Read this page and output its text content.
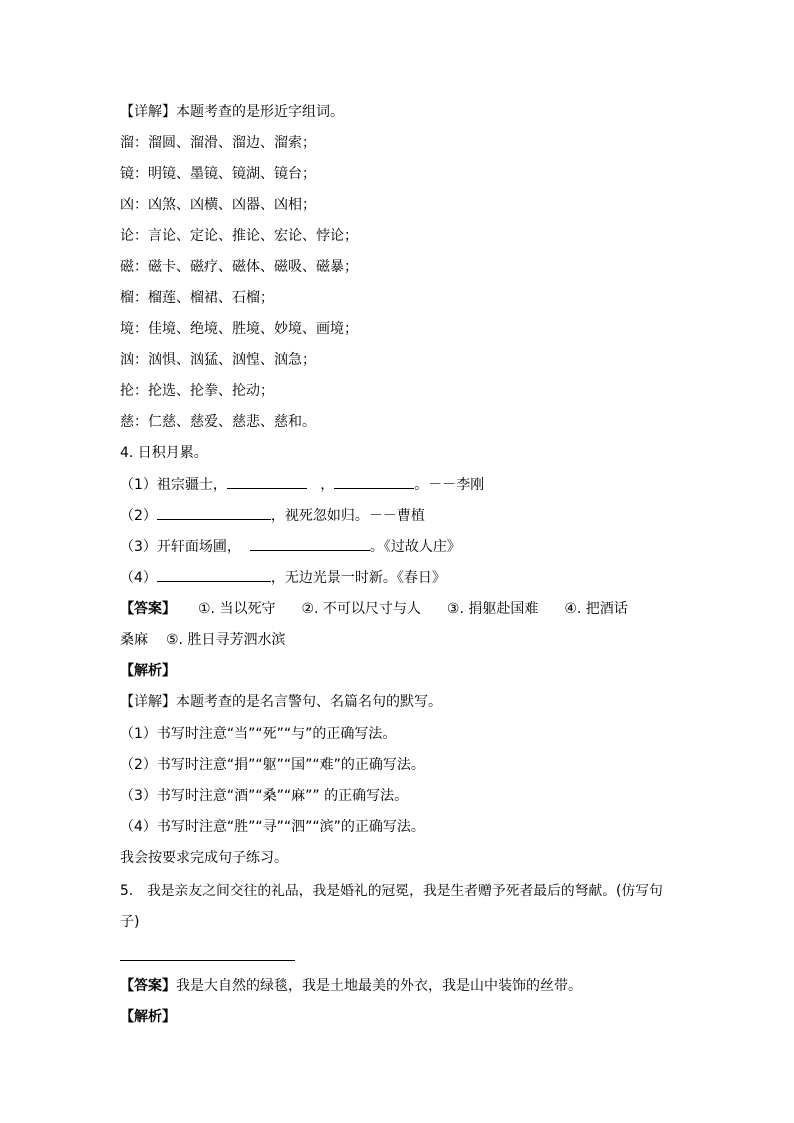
【详解】本题考查的是形近字组词。
溜：溜圆、溜滑、溜边、溜索；
镜：明镜、墨镜、镜湖、镜台；
凶：凶煞、凶横、凶器、凶相；
论：言论、定论、推论、宏论、悖论；
磁：磁卡、磁疗、磁体、磁吸、磁暴；
榴：榴莲、榴裙、石榴；
境：佳境、绝境、胜境、妙境、画境；
汹：汹惧、汹猛、汹惶、汹急；
抡：抡选、抡拳、抡动；
慈：仁慈、慈爱、慈悲、慈和。
4. 日积月累。
（1）祖宗疆士，	，	。－－李刚
（2）	，视死忽如归。－－曹植
（3）开轩面场圃，	。《过故人庄》
（4）	，无边光景一时新。《春日》
【答案】 ①. 当以死守 ②. 不可以尺寸与人 ③. 捐躯赴国难 ④. 把酒话
桑麻 ⑤. 胜日寻芳泗水滨
【解析】
【详解】本题考查的是名言警句、名篇名句的默写。
（1）书写时注意“当”“死”“与”的正确写法。
（2）书写时注意“捐”“躯”“国”“难”的正确写法。
（3）书写时注意“酒”“桑”“麻”” 的正确写法。
（4）书写时注意“胜”“寻”“泗”“滨”的正确写法。
我会按要求完成句子练习。
5.　我是亲友之间交往的礼品，我是婚礼的冠冕，我是生者赠予死者最后的弩献。(仿写句
子)
【答案】我是大自然的绿毯，我是土地最美的外衣，我是山中装饰的丝带。
【解析】
